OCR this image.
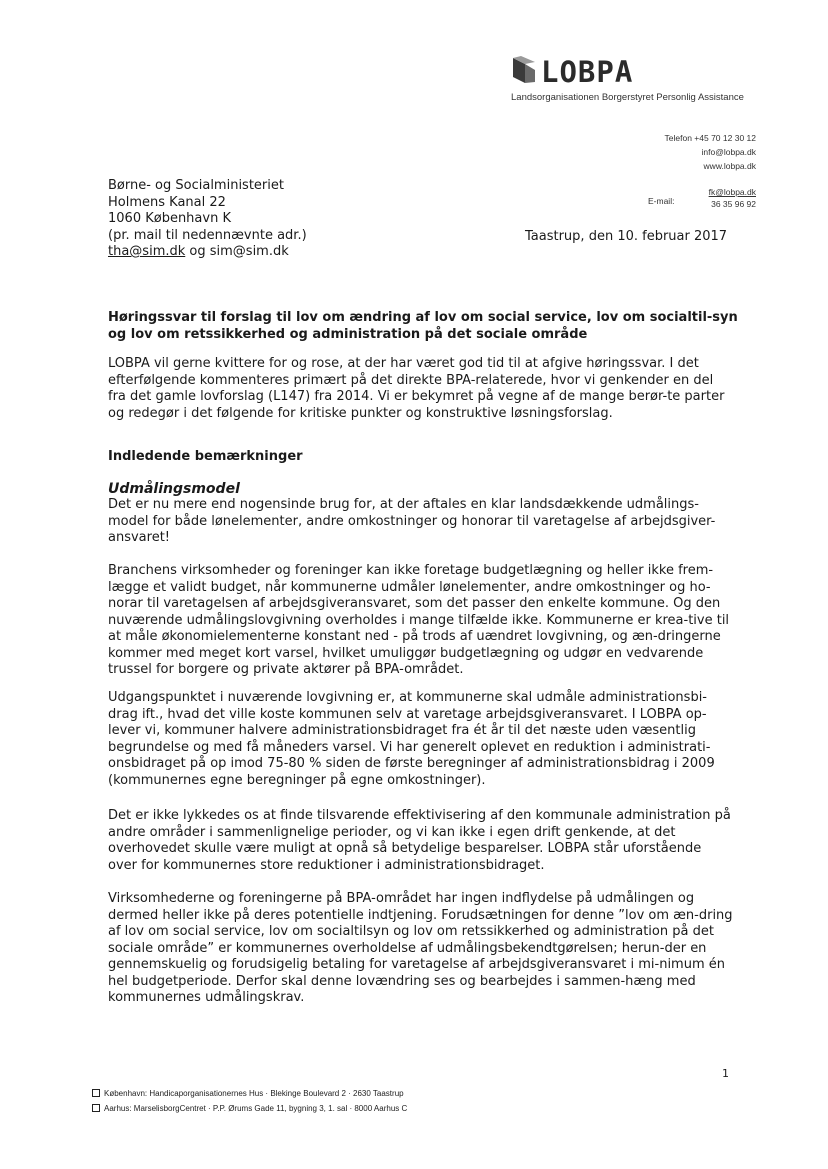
LOBPA
Landsorganisationen Borgerstyret Personlig Assistance
Telefon +45 70 12 30 12
info@lobpa.dk
www.lobpa.dk
E-mail:
fk@lobpa.dk
36 35 96 92
Børne- og Socialministeriet
Holmens Kanal 22
1060 København K
(pr. mail til nedennævnte adr.)
tha@sim.dk og sim@sim.dk
Taastrup, den 10. februar 2017
Høringssvar til forslag til lov om ændring af lov om social service, lov om socialtil-syn og lov om retssikkerhed og administration på det sociale område

LOBPA vil gerne kvittere for og rose, at der har været god tid til at afgive høringssvar. I det efterfølgende kommenteres primært på det direkte BPA-relaterede, hvor vi genkender en del fra det gamle lovforslag (L147) fra 2014. Vi er bekymret på vegne af de mange berør-te parter og redegør i det følgende for kritiske punkter og konstruktive løsningsforslag.

Indledende bemærkninger
Udmålingsmodel

Det er nu mere end nogensinde brug for, at der aftales en klar landsdækkende udmålings-model for både lønelementer, andre omkostninger og honorar til varetagelse af arbejdsgiver-ansvaret!

Branchens virksomheder og foreninger kan ikke foretage budgetlægning og heller ikke frem-lægge et validt budget, når kommunerne udmåler lønelementer, andre omkostninger og ho-norar til varetagelsen af arbejdsgiveransvaret, som det passer den enkelte kommune. Og den nuværende udmålingslovgivning overholdes i mange tilfælde ikke. Kommunerne er krea-tive til at måle økonomielementerne konstant ned - på trods af uændret lovgivning, og æn-dringerne kommer med meget kort varsel, hvilket umuliggør budgetlægning og udgør en vedvarende trussel for borgere og private aktører på BPA-området.

Udgangspunktet i nuværende lovgivning er, at kommunerne skal udmåle administrationsbi-drag ift., hvad det ville koste kommunen selv at varetage arbejdsgiveransvaret. I LOBPA op-lever vi, kommuner halvere administrationsbidraget fra ét år til det næste uden væsentlig begrundelse og med få måneders varsel. Vi har generelt oplevet en reduktion i administrati-onsbidraget på op imod 75-80 % siden de første beregninger af administrationsbidrag i 2009 (kommunernes egne beregninger på egne omkostninger).

Det er ikke lykkedes os at finde tilsvarende effektivisering af den kommunale administration på andre områder i sammenlignelige perioder, og vi kan ikke i egen drift genkende, at det overhovedet skulle være muligt at opnå så betydelige besparelser. LOBPA står uforstående over for kommunernes store reduktioner i administrationsbidraget.

Virksomhederne og foreningerne på BPA-området har ingen indflydelse på udmålingen og dermed heller ikke på deres potentielle indtjening. Forudsætningen for denne ”lov om æn-dring af lov om social service, lov om socialtilsyn og lov om retssikkerhed og administration på det sociale område” er kommunernes overholdelse af udmålingsbekendtgørelsen; herun-der en gennemskuelig og forudsigelig betaling for varetagelse af arbejdsgiveransvaret i mi-nimum én hel budgetperiode. Derfor skal denne lovændring ses og bearbejdes i sammen-hæng med kommunernes udmålingskrav.

1
København: Handicaporganisationernes Hus · Blekinge Boulevard 2 · 2630 Taastrup
Aarhus: MarselisborgCentret · P.P. Ørums Gade 11, bygning 3, 1. sal · 8000 Aarhus C
